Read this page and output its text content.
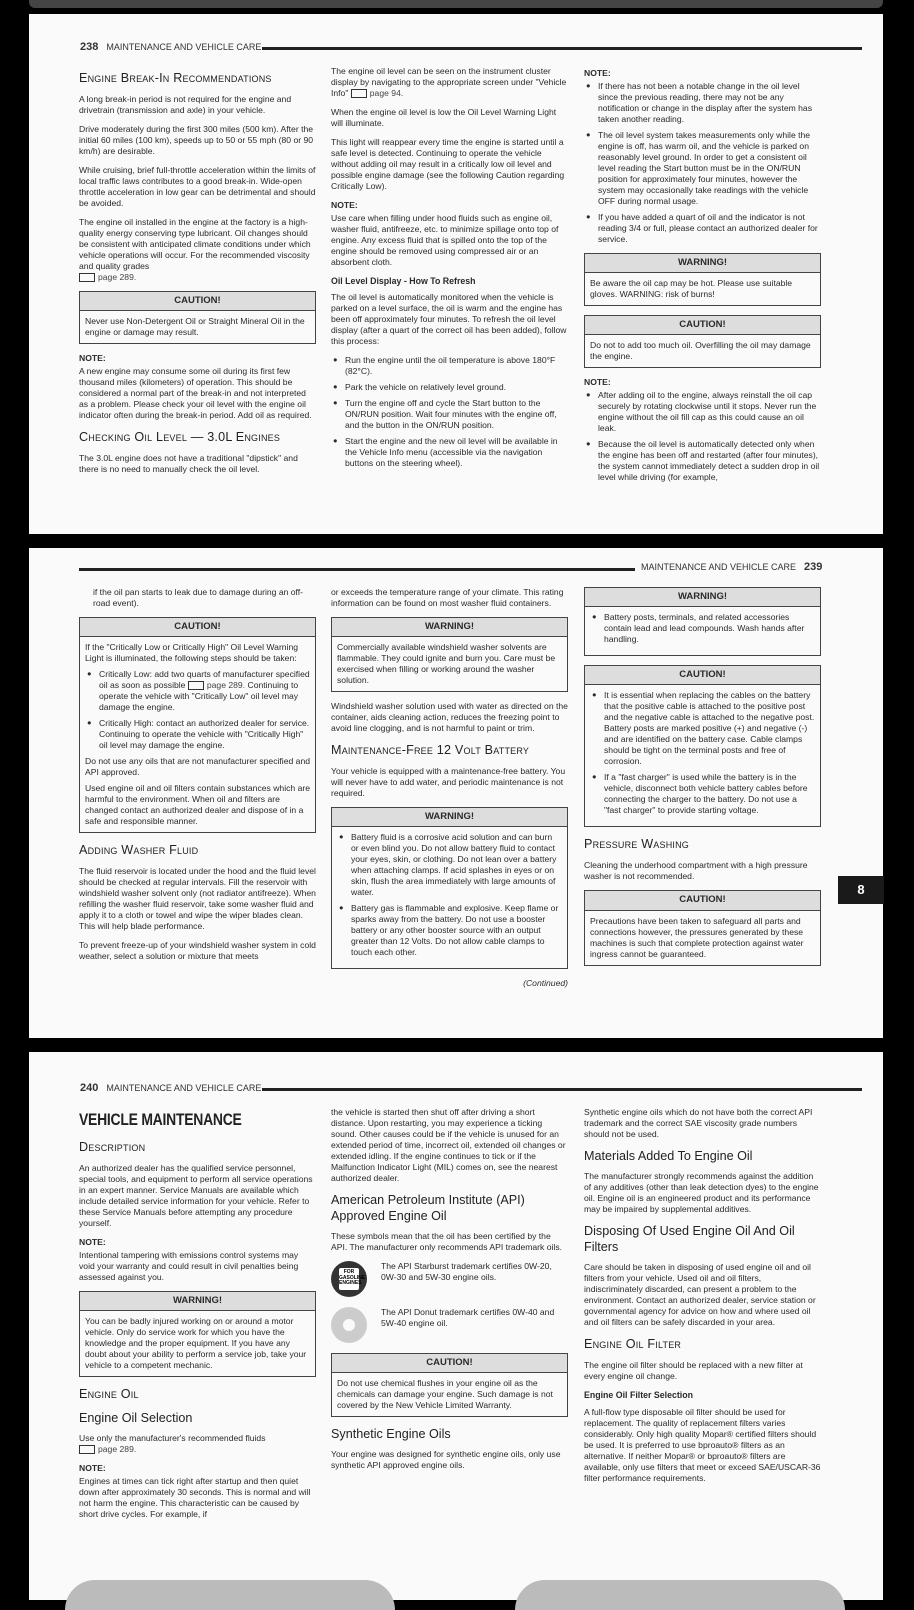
238 MAINTENANCE AND VEHICLE CARE
Engine Break-In Recommendations

A long break-in period is not required for the engine and drivetrain (transmission and axle) in your vehicle.

Drive moderately during the first 300 miles (500 km). After the initial 60 miles (100 km), speeds up to 50 or 55 mph (80 or 90 km/h) are desirable.

While cruising, brief full-throttle acceleration within the limits of local traffic laws contributes to a good break-in. Wide-open throttle acceleration in low gear can be detrimental and should be avoided.

The engine oil installed in the engine at the factory is a high-quality energy conserving type lubricant. Oil changes should be consistent with anticipated climate conditions under which vehicle operations will occur. For the recommended viscosity and quality grades
page 289.

CAUTION!
Never use Non-Detergent Oil or Straight Mineral Oil in the engine or damage may result.
NOTE:

A new engine may consume some oil during its first few thousand miles (kilometers) of operation. This should be considered a normal part of the break-in and not interpreted as a problem. Please check your oil level with the engine oil indicator often during the break-in period. Add oil as required.

Checking Oil Level — 3.0L Engines

The 3.0L engine does not have a traditional "dipstick" and there is no need to manually check the oil level.

The engine oil level can be seen on the instrument cluster display by navigating to the appropriate screen under "Vehicle Info" page 94.

When the engine oil level is low the Oil Level Warning Light will illuminate.

This light will reappear every time the engine is started until a safe level is detected. Continuing to operate the vehicle without adding oil may result in a critically low oil level and possible engine damage (see the following Caution regarding Critically Low).

NOTE:

Use care when filling under hood fluids such as engine oil, washer fluid, antifreeze, etc. to minimize spillage onto top of engine. Any excess fluid that is spilled onto the top of the engine should be removed using compressed air or an absorbent cloth.

Oil Level Display - How To Refresh

The oil level is automatically monitored when the vehicle is parked on a level surface, the oil is warm and the engine has been off approximately four minutes. To refresh the oil level display (after a quart of the correct oil has been added), follow this process:

● Run the engine until the oil temperature is above 180°F (82°C).
● Park the vehicle on relatively level ground.
● Turn the engine off and cycle the Start button to the ON/RUN position. Wait four minutes with the engine off, and the button in the ON/RUN position.
● Start the engine and the new oil level will be available in the Vehicle Info menu (accessible via the navigation buttons on the steering wheel).
NOTE:
● If there has not been a notable change in the oil level since the previous reading, there may not be any notification or change in the display after the system has taken another reading.
● The oil level system takes measurements only while the engine is off, has warm oil, and the vehicle is parked on reasonably level ground. In order to get a consistent oil level reading the Start button must be in the ON/RUN position for approximately four minutes, however the system may occasionally take readings with the vehicle OFF during normal usage.
● If you have added a quart of oil and the indicator is not reading 3/4 or full, please contact an authorized dealer for service.
WARNING!
Be aware the oil cap may be hot. Please use suitable gloves. WARNING: risk of burns!
CAUTION!
Do not to add too much oil. Overfilling the oil may damage the engine.
NOTE:
● After adding oil to the engine, always reinstall the oil cap securely by rotating clockwise until it stops. Never run the engine without the oil fill cap as this could cause an oil leak.
● Because the oil level is automatically detected only when the engine has been off and restarted (after four minutes), the system cannot immediately detect a sudden drop in oil level while driving (for example,
MAINTENANCE AND VEHICLE CARE 239

if the oil pan starts to leak due to damage during an off-road event).

CAUTION!

If the "Critically Low or Critically High" Oil Level Warning Light is illuminated, the following steps should be taken:

● Critically Low: add two quarts of manufacturer specified oil as soon as possible page 289. Continuing to operate the vehicle with "Critically Low" oil level may damage the engine.
● Critically High: contact an authorized dealer for service. Continuing to operate the vehicle with "Critically High" oil level may damage the engine.

Do not use any oils that are not manufacturer specified and API approved.

Used engine oil and oil filters contain substances which are harmful to the environment. When oil and filters are changed contact an authorized dealer and dispose of in a safe and responsible manner.

Adding Washer Fluid

The fluid reservoir is located under the hood and the fluid level should be checked at regular intervals. Fill the reservoir with windshield washer solvent only (not radiator antifreeze). When refilling the washer fluid reservoir, take some washer fluid and apply it to a cloth or towel and wipe the wiper blades clean. This will help blade performance.

To prevent freeze-up of your windshield washer system in cold weather, select a solution or mixture that meets

or exceeds the temperature range of your climate. This rating information can be found on most washer fluid containers.

WARNING!
Commercially available windshield washer solvents are flammable. They could ignite and burn you. Care must be exercised when filling or working around the washer solution.

Windshield washer solution used with water as directed on the container, aids cleaning action, reduces the freezing point to avoid line clogging, and is not harmful to paint or trim.

Maintenance-Free 12 Volt Battery

Your vehicle is equipped with a maintenance-free battery. You will never have to add water, and periodic maintenance is not required.

WARNING!
● Battery fluid is a corrosive acid solution and can burn or even blind you. Do not allow battery fluid to contact your eyes, skin, or clothing. Do not lean over a battery when attaching clamps. If acid splashes in eyes or on skin, flush the area immediately with large amounts of water.
● Battery gas is flammable and explosive. Keep flame or sparks away from the battery. Do not use a booster battery or any other booster source with an output greater than 12 Volts. Do not allow cable clamps to touch each other.
(Continued)
WARNING!
● Battery posts, terminals, and related accessories contain lead and lead compounds. Wash hands after handling.
CAUTION!
● It is essential when replacing the cables on the battery that the positive cable is attached to the positive post and the negative cable is attached to the negative post. Battery posts are marked positive (+) and negative (-) and are identified on the battery case. Cable clamps should be tight on the terminal posts and free of corrosion.
● If a "fast charger" is used while the battery is in the vehicle, disconnect both vehicle battery cables before connecting the charger to the battery. Do not use a "fast charger" to provide starting voltage.
Pressure Washing

Cleaning the underhood compartment with a high pressure washer is not recommended.

CAUTION!
Precautions have been taken to safeguard all parts and connections however, the pressures generated by these machines is such that complete protection against water ingress cannot be guaranteed.
8
240 MAINTENANCE AND VEHICLE CARE
VEHICLE MAINTENANCE
Description

An authorized dealer has the qualified service personnel, special tools, and equipment to perform all service operations in an expert manner. Service Manuals are available which include detailed service information for your vehicle. Refer to these Service Manuals before attempting any procedure yourself.

NOTE:

Intentional tampering with emissions control systems may void your warranty and could result in civil penalties being assessed against you.

WARNING!
You can be badly injured working on or around a motor vehicle. Only do service work for which you have the knowledge and the proper equipment. If you have any doubt about your ability to perform a service job, take your vehicle to a competent mechanic.
Engine Oil
Engine Oil Selection

Use only the manufacturer's recommended fluids
page 289.

NOTE:

Engines at times can tick right after startup and then quiet down after approximately 30 seconds. This is normal and will not harm the engine. This characteristic can be caused by short drive cycles. For example, if

the vehicle is started then shut off after driving a short distance. Upon restarting, you may experience a ticking sound. Other causes could be if the vehicle is unused for an extended period of time, incorrect oil, extended oil changes or extended idling. If the engine continues to tick or if the Malfunction Indicator Light (MIL) comes on, see the nearest authorized dealer.

American Petroleum Institute (API) Approved Engine Oil

These symbols mean that the oil has been certified by the API. The manufacturer only recommends API trademark oils.

FOR GASOLINE ENGINES
The API Starburst trademark certifies 0W-20, 0W-30 and 5W-30 engine oils.
The API Donut trademark certifies 0W-40 and 5W-40 engine oil.
CAUTION!
Do not use chemical flushes in your engine oil as the chemicals can damage your engine. Such damage is not covered by the New Vehicle Limited Warranty.
Synthetic Engine Oils

Your engine was designed for synthetic engine oils, only use synthetic API approved engine oils.

Synthetic engine oils which do not have both the correct API trademark and the correct SAE viscosity grade numbers should not be used.

Materials Added To Engine Oil

The manufacturer strongly recommends against the addition of any additives (other than leak detection dyes) to the engine oil. Engine oil is an engineered product and its performance may be impaired by supplemental additives.

Disposing Of Used Engine Oil And Oil Filters

Care should be taken in disposing of used engine oil and oil filters from your vehicle. Used oil and oil filters, indiscriminately discarded, can present a problem to the environment. Contact an authorized dealer, service station or governmental agency for advice on how and where used oil and oil filters can be safely discarded in your area.

Engine Oil Filter

The engine oil filter should be replaced with a new filter at every engine oil change.

Engine Oil Filter Selection

A full-flow type disposable oil filter should be used for replacement. The quality of replacement filters varies considerably. Only high quality Mopar® certified filters should be used. It is preferred to use bproauto® filters as an alternative. If neither Mopar® or bproauto® filters are available, only use filters that meet or exceed SAE/USCAR-36 filter performance requirements.
